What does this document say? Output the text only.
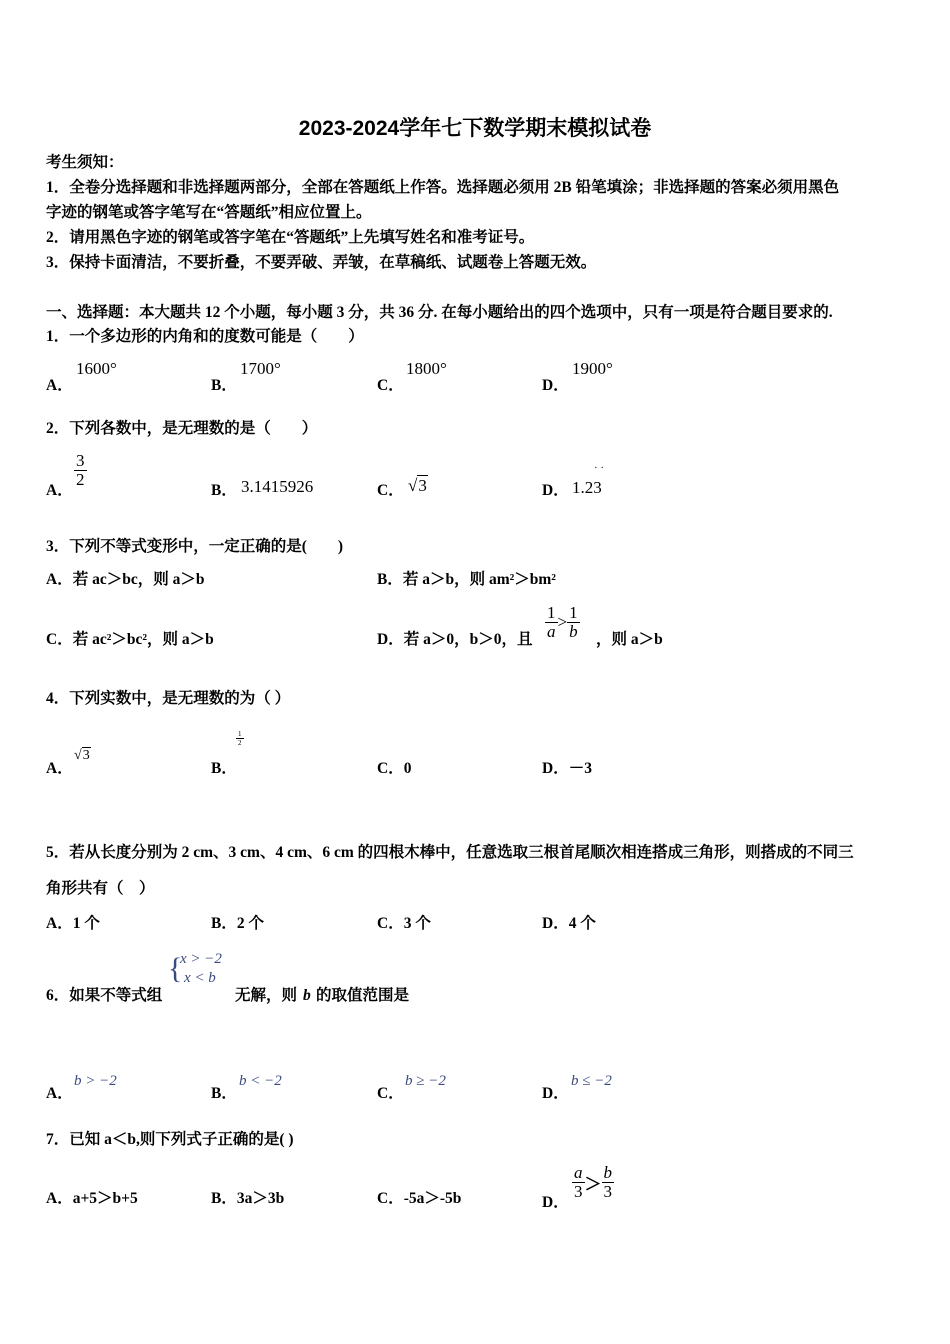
2023-2024学年七下数学期末模拟试卷
考生须知：
1．全卷分选择题和非选择题两部分，全部在答题纸上作答。选择题必须用 2B 铅笔填涂；非选择题的答案必须用黑色
字迹的钢笔或答字笔写在“答题纸”相应位置上。
2．请用黑色字迹的钢笔或答字笔在“答题纸”上先填写姓名和准考证号。
3．保持卡面清洁，不要折叠，不要弄破、弄皱，在草稿纸、试题卷上答题无效。
一、选择题：本大题共 12 个小题，每小题 3 分，共 36 分. 在每小题给出的四个选项中，只有一项是符合题目要求的.
1．一个多边形的内角和的度数可能是（　　）
A．
1600°
B．
1700°
C．
1800°
D．
1900°
2．下列各数中，是无理数的是（　　）
A．
$\frac{3}{2}$
B． 3.1415926	C． √3	D．
· ·
1.23
3．下列不等式变形中，一定正确的是(　　)
A．若 ac＞bc，则 a＞b	B．若 a＞b，则 am²＞bm²
C．若 ac²＞bc²，则 a＞b	D．若 a＞0，b＞0，且 $\frac{1}{a} > \frac{1}{b}$ ，则 a＞b
4．下列实数中，是无理数的为（ ）
A．
√3
B．
$\frac{1}{2}$
C．0	D．－3
5．若从长度分别为 2 cm、3 cm、4 cm、6 cm 的四根木棒中，任意选取三根首尾顺次相连搭成三角形，则搭成的不同三
角形共有（　）
A．1 个	B．2 个	C．3 个	D．4 个
6．如果不等式组
{
x > −2
x < b
无解，则 b 的取值范围是
A．
b > −2
B．
b < −2
C．
b ≥ −2
D．
b ≤ −2
7．已知 a＜b,则下列式子正确的是( )
A．a+5＞b+5	B．3a＞3b	C．-5a＞-5b	D．
$\frac{a}{3} > \frac{b}{3}$
